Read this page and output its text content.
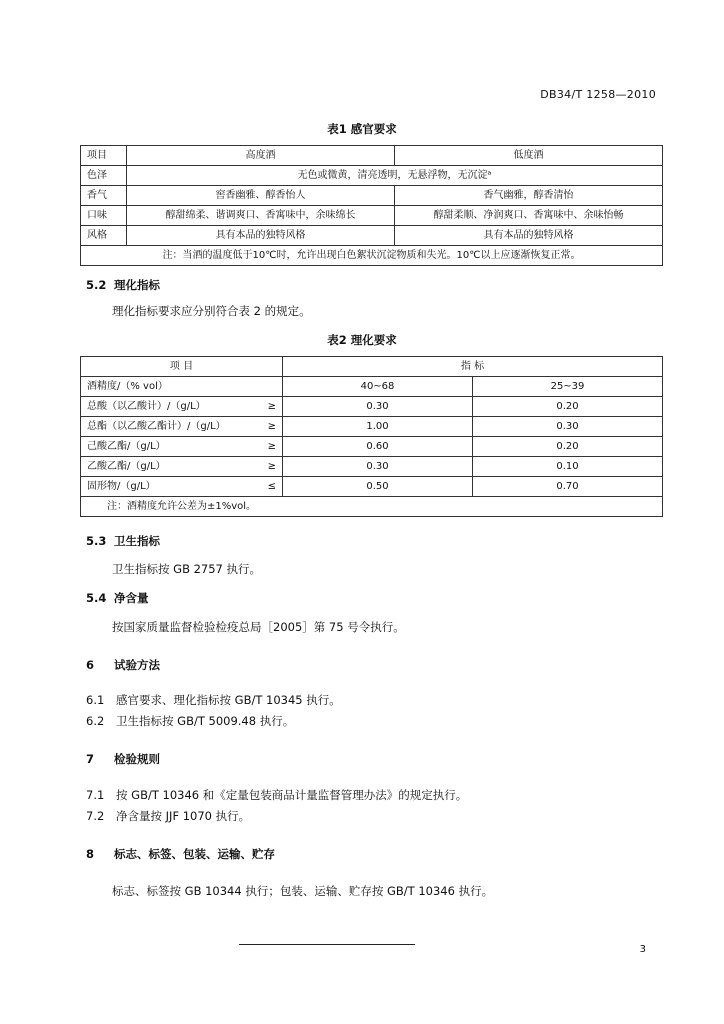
DB34/T 1258—2010
表1 感官要求
项目	高度酒	低度酒
色泽	无色或微黄，清亮透明，无悬浮物，无沉淀ᵃ	
香气	窖香幽雅、醇香怡人	香气幽雅，醇香清怡
口味	醇甜绵柔、谐调爽口、香寓味中，余味绵长	醇甜柔顺、净润爽口、香寓味中、余味怡畅
风格	具有本品的独特风格	具有本品的独特风格
注：当酒的温度低于10℃时，允许出现白色絮状沉淀物质和失光。10℃以上应逐渐恢复正常。		
5.2 理化指标
理化指标要求应分别符合表 2 的规定。
表2 理化要求
项 目	指 标	
酒精度/（% vol）	40~68	25~39
总酸（以乙酸计）/（g/L） ≥	0.30	0.20
总酯（以乙酸乙酯计）/（g/L） ≥	1.00	0.30
己酸乙酯/（g/L） ≥	0.60	0.20
乙酸乙酯/（g/L） ≥	0.30	0.10
固形物/（g/L） ≤	0.50	0.70
注：酒精度允许公差为±1%vol。		
5.3 卫生指标
卫生指标按 GB 2757 执行。
5.4 净含量
按国家质量监督检验检疫总局［2005］第 75 号令执行。
6 试验方法
6.1 感官要求、理化指标按 GB/T 10345 执行。
6.2 卫生指标按 GB/T 5009.48 执行。
7 检验规则
7.1 按 GB/T 10346 和《定量包装商品计量监督管理办法》的规定执行。
7.2 净含量按 JJF 1070 执行。
8 标志、标签、包装、运输、贮存
标志、标签按 GB 10344 执行；包装、运输、贮存按 GB/T 10346 执行。
3
